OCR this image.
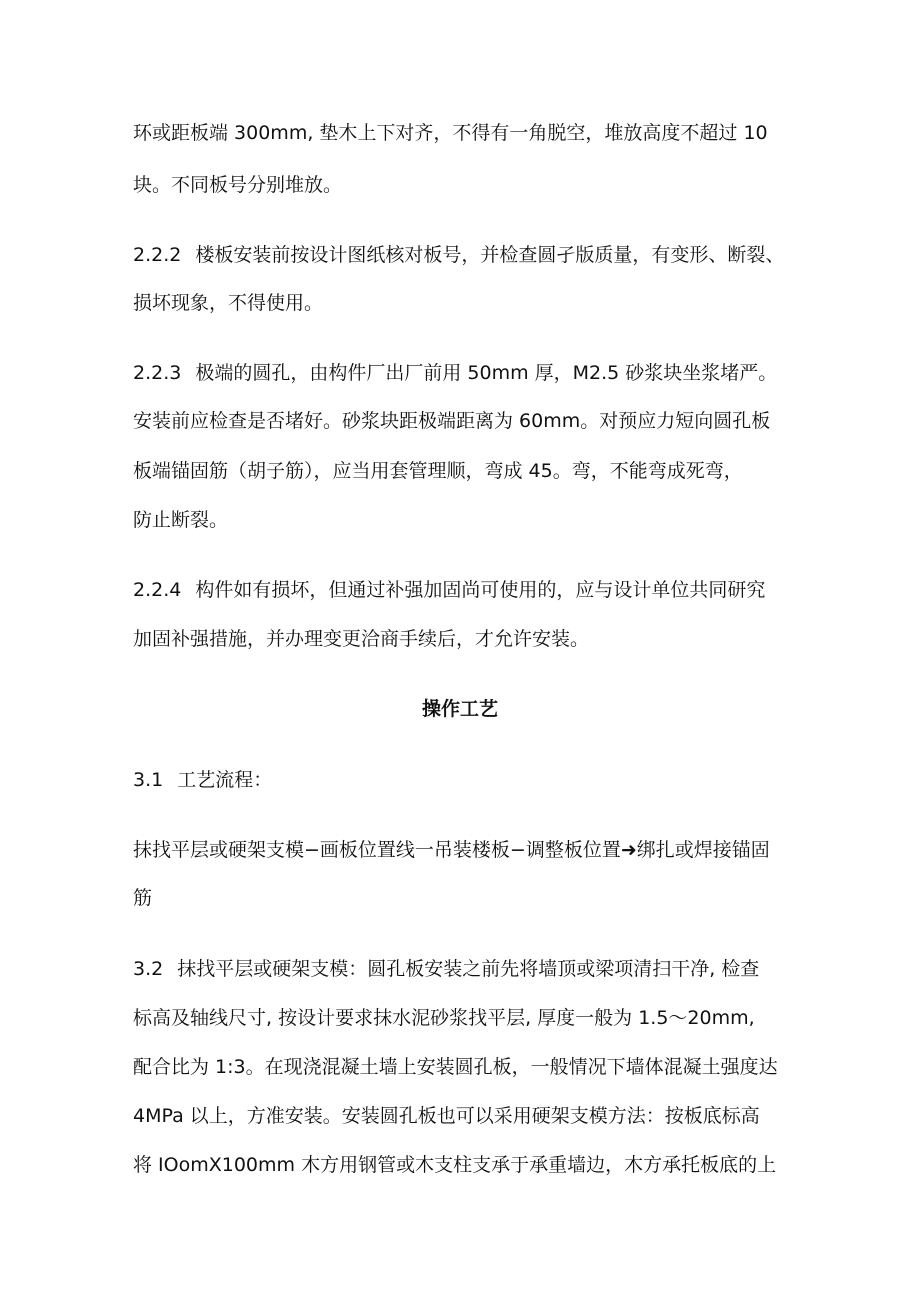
环或距板端 300mm, 垫木上下对齐，不得有一角脱空，堆放高度不超过 10
块。不同板号分别堆放。
2.2.2 楼板安装前按设计图纸核对板号，并检查圆孑版质量，有变形、断裂、
损坏现象，不得使用。
2.2.3 极端的圆孔，由构件厂出厂前用 50mm 厚，M2.5 砂浆块坐浆堵严。
安装前应检查是否堵好。砂浆块距极端距离为 60mm。对预应力短向圆孔板
板端锚固筋（胡子筋），应当用套管理顺，弯成 45。弯，不能弯成死弯，
防止断裂。
2.2.4 构件如有损坏，但通过补强加固尚可使用的，应与设计单位共同研究
加固补强措施，并办理变更洽商手续后，才允许安装。
操作工艺
3.1 工艺流程：
抹找平层或硬架支模−画板位置线一吊装楼板−调整板位置➜绑扎或焊接锚固
筋
3.2 抹找平层或硬架支模：圆孔板安装之前先将墙顶或梁项清扫干净, 检查
标高及轴线尺寸, 按设计要求抹水泥砂浆找平层, 厚度一般为 1.5～20mm,
配合比为 1:3。在现浇混凝土墙上安装圆孔板，一般情况下墙体混凝土强度达
4MPa 以上，方准安装。安装圆孔板也可以采用硬架支模方法：按板底标高
将 IOomX100mm 木方用钢管或木支柱支承于承重墙边，木方承托板底的上
